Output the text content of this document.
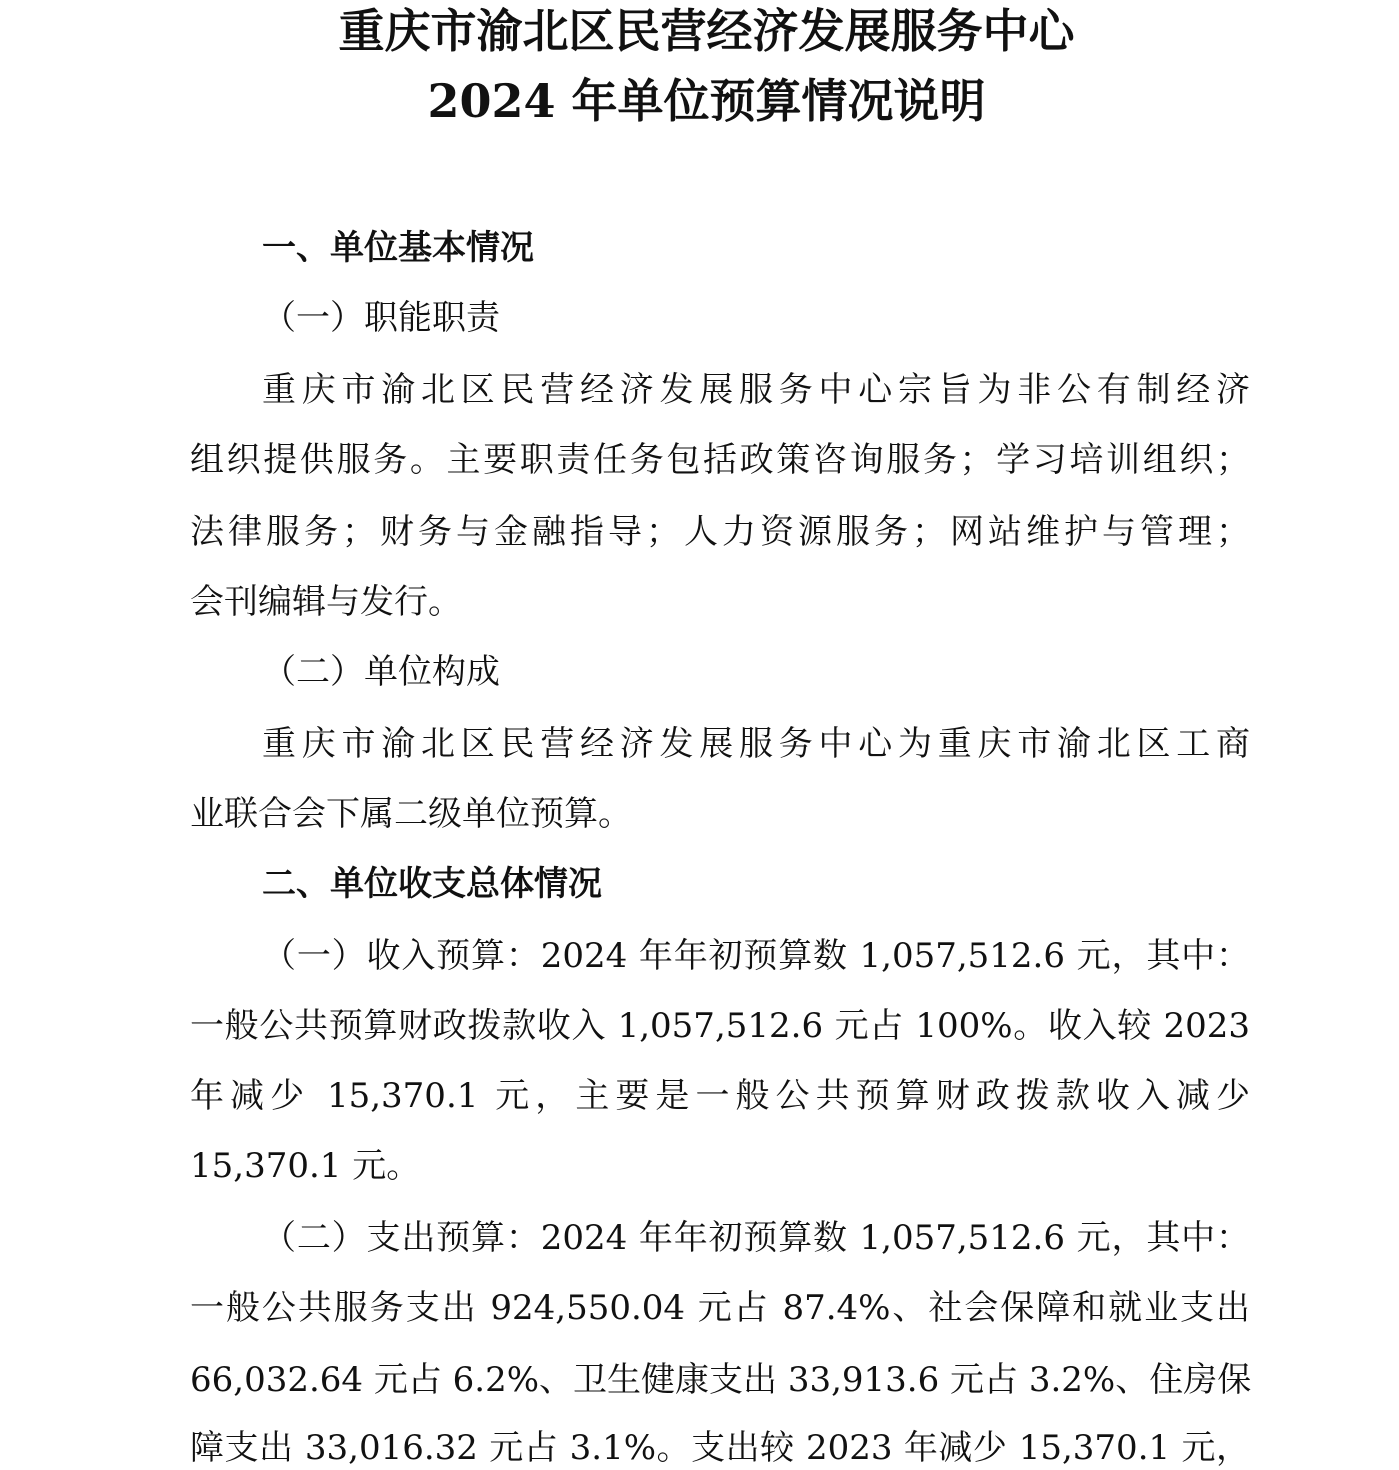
重庆市渝北区民营经济发展服务中心
2024 年单位预算情况说明
一、单位基本情况
（一）职能职责
重庆市渝北区民营经济发展服务中心宗旨为非公有制经济
组织提供服务。主要职责任务包括政策咨询服务；学习培训组织；
法律服务；财务与金融指导；人力资源服务；网站维护与管理；
会刊编辑与发行。
（二）单位构成
重庆市渝北区民营经济发展服务中心为重庆市渝北区工商
业联合会下属二级单位预算。
二、单位收支总体情况
（一）收入预算：2024 年年初预算数 1,057,512.6 元，其中：
一般公共预算财政拨款收入 1,057,512.6 元占 100%。收入较 2023
年减少 15,370.1 元，主要是一般公共预算财政拨款收入减少
15,370.1 元。
（二）支出预算：2024 年年初预算数 1,057,512.6 元，其中：
一般公共服务支出 924,550.04 元占 87.4%、社会保障和就业支出
66,032.64 元占 6.2%、卫生健康支出 33,913.6 元占 3.2%、住房保
障支出 33,016.32 元占 3.1%。支出较 2023 年减少 15,370.1 元，
